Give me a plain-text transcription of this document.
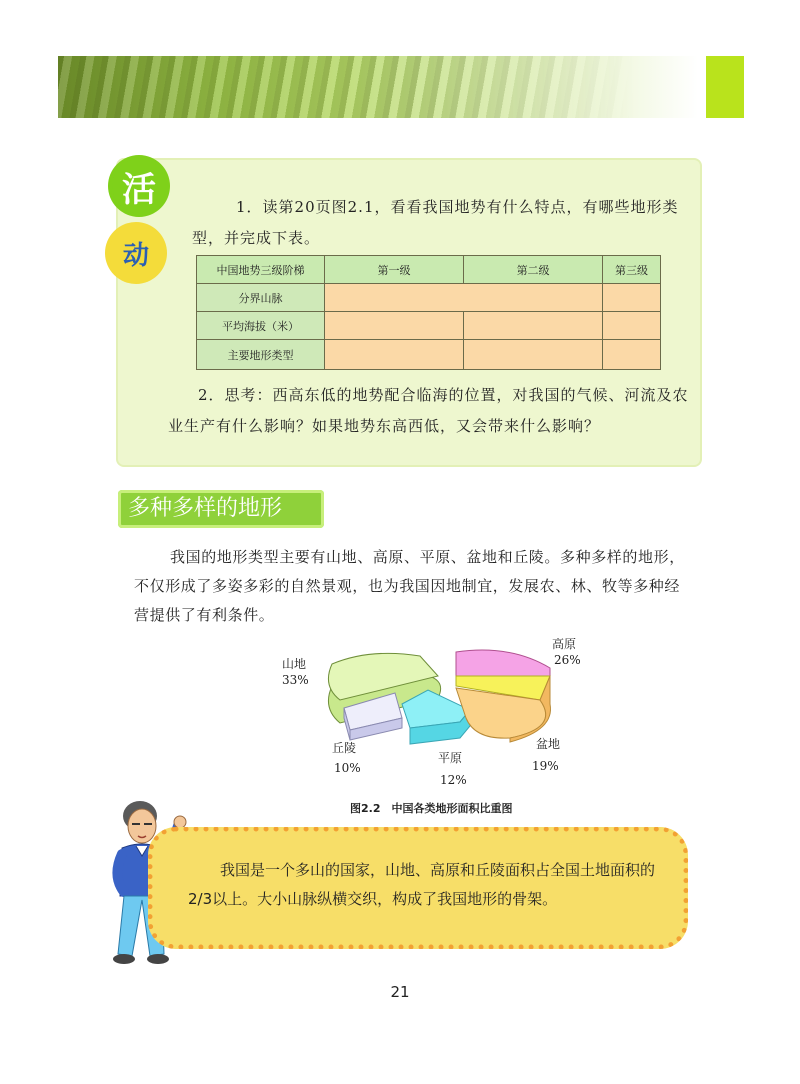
活
动
1．读第20页图2.1，看看我国地势有什么特点，有哪些地形类型，并完成下表。
中国地势三级阶梯	第一级	第二级	第三级
分界山脉			
平均海拔（米）			
主要地形类型			
2．思考：西高东低的地势配合临海的位置，对我国的气候、河流及农业生产有什么影响？如果地势东高西低，又会带来什么影响？
多种多样的地形
我国的地形类型主要有山地、高原、平原、盆地和丘陵。多种多样的地形，不仅形成了多姿多彩的自然景观，也为我国因地制宜，发展农、林、牧等多种经营提供了有利条件。
山地
33%
高原
26%
盆地
19%
平原
12%
丘陵
10%
图2.2　中国各类地形面积比重图
我国是一个多山的国家，山地、高原和丘陵面积占全国土地面积的2/3以上。大小山脉纵横交织，构成了我国地形的骨架。
21
